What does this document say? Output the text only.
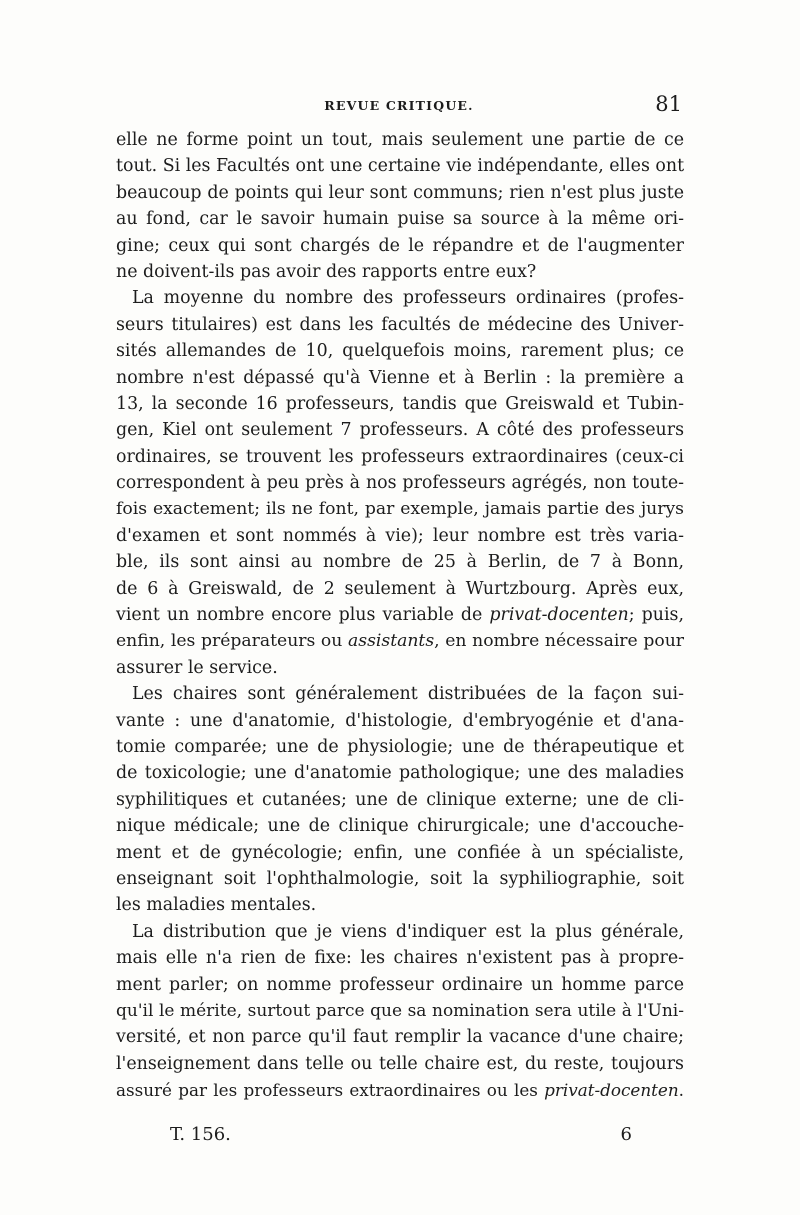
REVUE CRITIQUE.	81
elle ne forme point un tout, mais seulement une partie de ce
tout. Si les Facultés ont une certaine vie indépendante, elles ont
beaucoup de points qui leur sont communs; rien n'est plus juste
au fond, car le savoir humain puise sa source à la même ori-
gine; ceux qui sont chargés de le répandre et de l'augmenter
ne doivent-ils pas avoir des rapports entre eux?
La moyenne du nombre des professeurs ordinaires (profes-
seurs titulaires) est dans les facultés de médecine des Univer-
sités allemandes de 10, quelquefois moins, rarement plus; ce
nombre n'est dépassé qu'à Vienne et à Berlin : la première a
13, la seconde 16 professeurs, tandis que Greiswald et Tubin-
gen, Kiel ont seulement 7 professeurs. A côté des professeurs
ordinaires, se trouvent les professeurs extraordinaires (ceux-ci
correspondent à peu près à nos professeurs agrégés, non toute-
fois exactement; ils ne font, par exemple, jamais partie des jurys
d'examen et sont nommés à vie); leur nombre est très varia-
ble, ils sont ainsi au nombre de 25 à Berlin, de 7 à Bonn,
de 6 à Greiswald, de 2 seulement à Wurtzbourg. Après eux,
vient un nombre encore plus variable de privat-docenten; puis,
enfin, les préparateurs ou assistants, en nombre nécessaire pour
assurer le service.
Les chaires sont généralement distribuées de la façon sui-
vante : une d'anatomie, d'histologie, d'embryogénie et d'ana-
tomie comparée; une de physiologie; une de thérapeutique et
de toxicologie; une d'anatomie pathologique; une des maladies
syphilitiques et cutanées; une de clinique externe; une de cli-
nique médicale; une de clinique chirurgicale; une d'accouche-
ment et de gynécologie; enfin, une confiée à un spécialiste,
enseignant soit l'ophthalmologie, soit la syphiliographie, soit
les maladies mentales.
La distribution que je viens d'indiquer est la plus générale,
mais elle n'a rien de fixe: les chaires n'existent pas à propre-
ment parler; on nomme professeur ordinaire un homme parce
qu'il le mérite, surtout parce que sa nomination sera utile à l'Uni-
versité, et non parce qu'il faut remplir la vacance d'une chaire;
l'enseignement dans telle ou telle chaire est, du reste, toujours
assuré par les professeurs extraordinaires ou les privat-docenten.
T. 156.	6
